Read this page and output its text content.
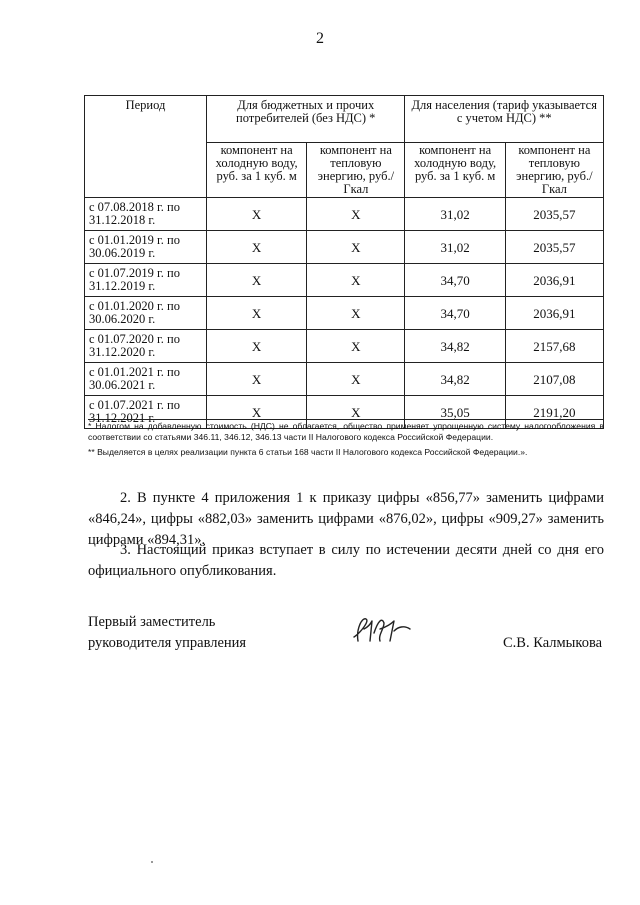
2
Период	Для бюджетных и прочих потребителей (без НДС) *		Для населения (тариф указывается с учетом НДС) **	
	компонент на холодную воду, руб. за 1 куб. м	компонент на тепловую энергию, руб./Гкал	компонент на холодную воду, руб. за 1 куб. м	компонент на тепловую энергию, руб./Гкал
с 07.08.2018 г. по 31.12.2018 г.	Х	Х	31,02	2035,57
с 01.01.2019 г. по 30.06.2019 г.	Х	Х	31,02	2035,57
с 01.07.2019 г. по 31.12.2019 г.	Х	Х	34,70	2036,91
с 01.01.2020 г. по 30.06.2020 г.	Х	Х	34,70	2036,91
с 01.07.2020 г. по 31.12.2020 г.	Х	Х	34,82	2157,68
с 01.01.2021 г. по 30.06.2021 г.	Х	Х	34,82	2107,08
с 01.07.2021 г. по 31.12.2021 г.	Х	Х	35,05	2191,20

* Налогом на добавленную стоимость (НДС) не облагается, общество применяет упрощенную систему налогообложения в соответствии со статьями 346.11, 346.12, 346.13 части II Налогового кодекса Российской Федерации.

** Выделяется в целях реализации пункта 6 статьи 168 части II Налогового кодекса Российской Федерации.».

2. В пункте 4 приложения 1 к приказу цифры «856,77» заменить цифрами «846,24», цифры «882,03» заменить цифрами «876,02», цифры «909,27» заменить цифрами «894,31».
3. Настоящий приказ вступает в силу по истечении десяти дней со дня его официального опубликования.
Первый заместитель
руководителя управления	С.В. Калмыкова
